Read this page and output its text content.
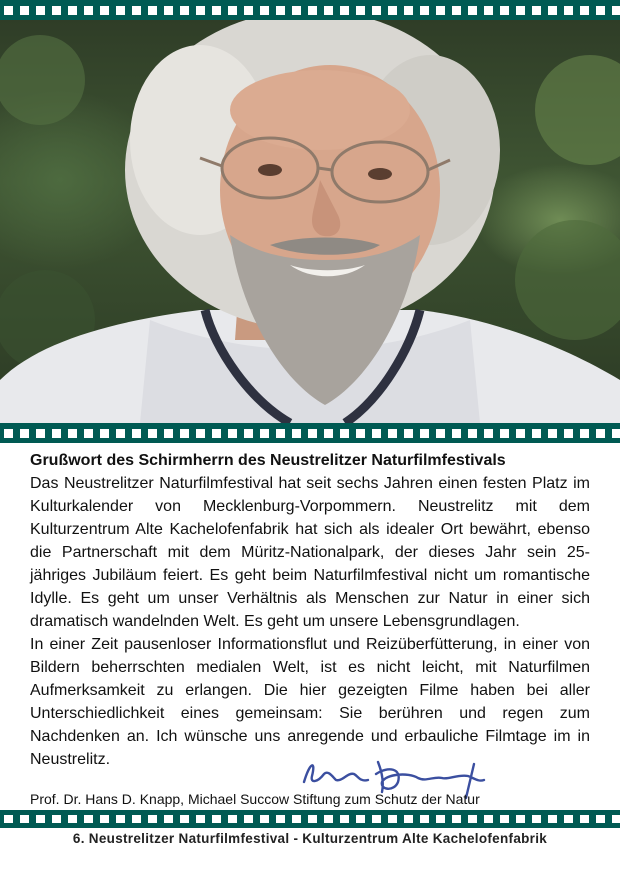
Grußwort des Schirmherrn des Neustrelitzer Naturfilmfestivals

Das Neustrelitzer Naturfilmfestival hat seit sechs Jahren einen festen Platz im Kulturkalender von Mecklenburg-Vorpommern. Neustrelitz mit dem Kulturzentrum Alte Kachelofenfabrik hat sich als idealer Ort bewährt, ebenso die Partnerschaft mit dem Müritz-Nationalpark, der dieses Jahr sein 25-jähriges Jubiläum feiert. Es geht beim Naturfilmfestival nicht um romantische Idylle. Es geht um unser Verhältnis als Menschen zur Natur in einer sich dramatisch wandelnden Welt. Es geht um unsere Lebensgrundlagen.

In einer Zeit pausenloser Informationsflut und Reizüberfütterung, in einer von Bildern beherrschten medialen Welt, ist es nicht leicht, mit Naturfilmen Aufmerksamkeit zu erlangen. Die hier gezeigten Filme haben bei aller Unterschiedlichkeit eines gemeinsam: Sie berühren und regen zum Nachdenken an. Ich wünsche uns anregende und erbauliche Filmtage im in Neustrelitz.

Prof. Dr. Hans D. Knapp, Michael Succow Stiftung zum Schutz der Natur
6. Neustrelitzer Naturfilmfestival - Kulturzentrum Alte Kachelofenfabrik
